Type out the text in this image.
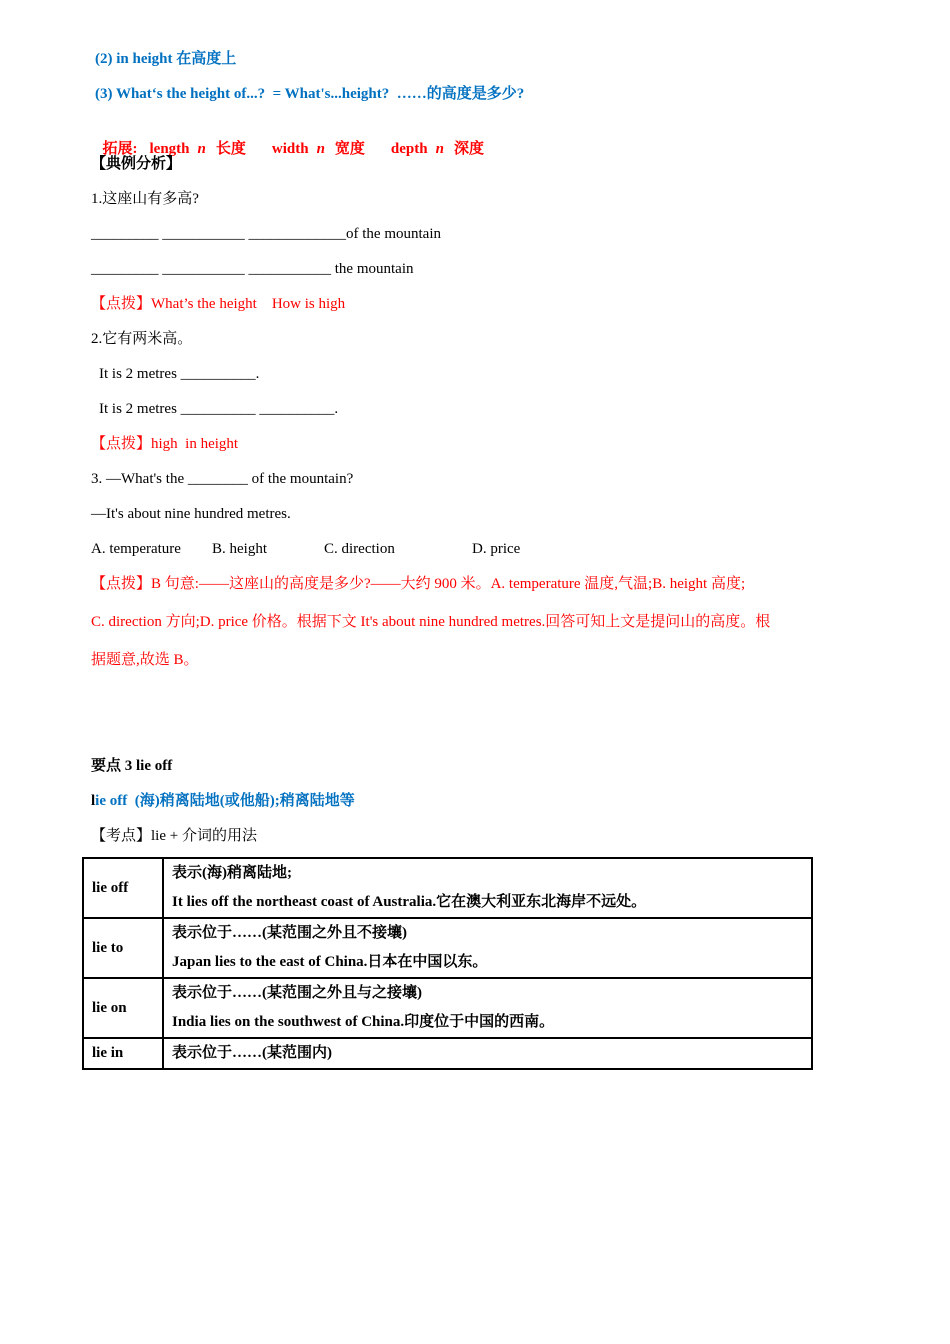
(2) in height 在高度上
(3) What‘s the height of...?  = What's...height?  ……的高度是多少?

拓展: length n 长度 width n 宽度 depth n 深度

【典例分析】
1.这座山有多高?
_________ ___________ _____________of the mountain
_________ ___________ ___________ the mountain
【点拨】What’s the height    How is high
2.它有两米高。
It is 2 metres __________.
It is 2 metres __________ __________.
【点拨】high  in height
3. —What's the ________ of the mountain?
—It's about nine hundred metres.
A. temperature B. height	C. direction	D. price
【点拨】B 句意:——这座山的高度是多少?——大约 900 米。A. temperature 温度,气温;B. height 高度;
C. direction 方向;D. price 价格。根据下文 It's about nine hundred metres.回答可知上文是提问山的高度。根
据题意,故选 B。
要点 3 lie off
lie off  (海)稍离陆地(或他船);稍离陆地等
【考点】lie + 介词的用法
lie off	表示(海)稍离陆地;
It lies off the northeast coast of Australia.它在澳大利亚东北海岸不远处。

lie to	表示位于……(某范围之外且不接壤)
Japan lies to the east of China.日本在中国以东。

lie on	表示位于……(某范围之外且与之接壤)
India lies on the southwest of China.印度位于中国的西南。

lie in	表示位于……(某范围内)
